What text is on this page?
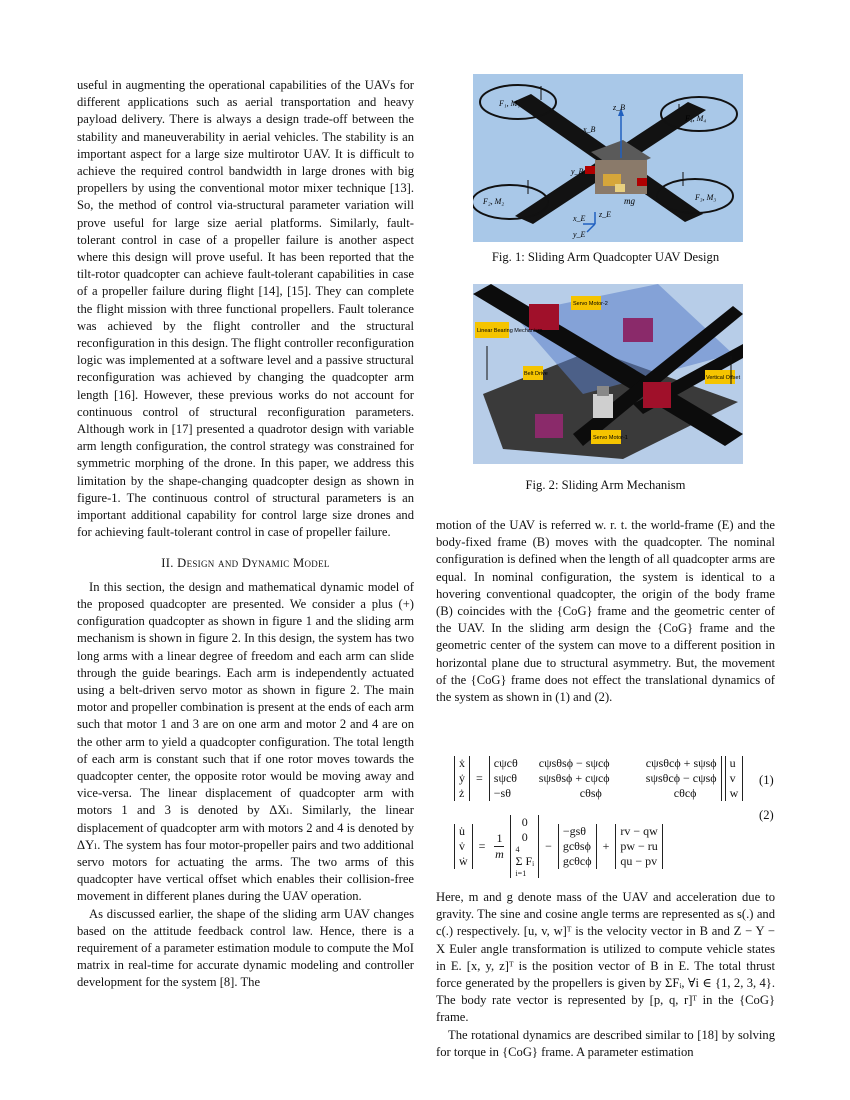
useful in augmenting the operational capabilities of the UAVs for different applications such as aerial transportation and heavy payload delivery. There is always a design trade-off between the stability and maneuverability in aerial vehicles. The stability is an important aspect for a large size multirotor UAV. It is difficult to achieve the required control bandwidth in large drones with big propellers by using the conventional motor mixer technique [13]. So, the method of control via-structural parameter variation will prove useful for large size aerial platforms. Similarly, fault-tolerant control in case of a propeller failure is another aspect where this design will prove useful. It has been reported that the tilt-rotor quadcopter can achieve fault-tolerant capabilities in case of a propeller failure during flight [14], [15]. They can complete the flight mission with three functional propellers. Fault tolerance was achieved by the flight controller and the structural reconfiguration in this design. The flight controller reconfiguration logic was implemented at a software level and a passive structural reconfiguration was achieved by changing the quadcopter arm length [16]. However, these previous works do not account for continuous control of structural reconfiguration parameters. Although work in [17] presented a quadrotor design with variable arm length configuration, the control strategy was constrained for symmetric morphing of the drone. In this paper, we address this limitation by the shape-changing quadcopter design as shown in figure-1. The continuous control of structural parameters is an important additional capability for control large size drones and for achieving fault-tolerant control in case of propeller failure.

II. Design and Dynamic Model

In this section, the design and mathematical dynamic model of the proposed quadcopter are presented. We consider a plus (+) configuration quadcopter as shown in figure 1 and the sliding arm mechanism is shown in figure 2. In this design, the system has two long arms with a linear degree of freedom and each arm can slide through the guide bearings. Each arm is independently actuated using a belt-driven servo motor as shown in figure 2. The main motor and propeller combination is present at the ends of each arm such that motor 1 and 3 are on one arm and motor 2 and 4 are on the other arm to yield a quadcopter configuration. The total length of each arm is constant such that if one rotor moves towards the quadcopter center, the opposite rotor would be moving away and vice-versa. The linear displacement of quadcopter arm with motors 1 and 3 is denoted by ΔXₗ. Similarly, the linear displacement of quadcopter arm with motors 2 and 4 is denoted by ΔYₗ. The system has four motor-propeller pairs and two additional servo motors for actuating the arms. The two arms of this quadcopter have vertical offset which enables their collision-free movement in different planes during the UAV operation.

As discussed earlier, the shape of the sliding arm UAV changes based on the attitude feedback control law. Hence, there is a requirement of a parameter estimation module to compute the MoI matrix in real-time for accurate dynamic modeling and controller development for the system [8]. The

F₁, M₁
F₄, M₄
F₂, M₂	F₃, M₃
z_B
x_B
y_B
mg
x_E z_E
y_E
Fig. 1: Sliding Arm Quadcopter UAV Design
Servo Motor-2
Linear Bearing Mechanism
Belt Drive
Vertical Offset
Servo Motor-1
Fig. 2: Sliding Arm Mechanism

motion of the UAV is referred w. r. t. the world-frame (E) and the body-fixed frame (B) moves with the quadcopter. The nominal configuration is defined when the length of all quadcopter arms are equal. In nominal configuration, the system is identical to a hovering conventional quadcopter, the origin of the body frame (B) coincides with the {CoG} frame and the geometric center of the UAV. In the sliding arm design the {CoG} frame and the geometric center of the system can move to a different position in horizontal plane due to structural asymmetry. But, the movement of the {CoG} frame does not effect the translational dynamics of the system as shown in (1) and (2).

ẋ
ẏ
ż
=
cψcθ cψsθsϕ − sψcϕ	cψsθcϕ + sψsϕ
sψcθ sψsθsϕ + cψcϕ	sψsθcϕ − cψsϕ
−sθ	cθsϕ	cθcϕ

u
v
w
(1)
u̇
v̇
ẇ
= $\frac{1}{m}$

0
0
4
Σ Fᵢ
i=1
−
−gsθ
gcθsϕ
gcθcϕ
+
rv − qw
pw − ru
qu − pv
(2)

Here, m and g denote mass of the UAV and acceleration due to gravity. The sine and cosine angle terms are represented as s(.) and c(.) respectively. [u, v, w]ᵀ is the velocity vector in B and Z − Y − X Euler angle transformation is utilized to compute vehicle states in E. [x, y, z]ᵀ is the position vector of B in E. The total thrust force generated by the propellers is given by ΣFᵢ, ∀i ∈ {1, 2, 3, 4}. The body rate vector is represented by [p, q, r]ᵀ in the {CoG} frame.

The rotational dynamics are described similar to [18] by solving for torque in {CoG} frame. A parameter estimation
